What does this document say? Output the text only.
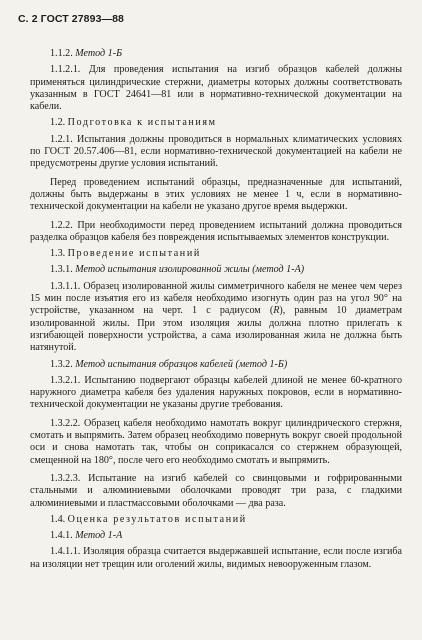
С. 2 ГОСТ 27893—88

1.1.2. Метод 1-Б

1.1.2.1. Для проведения испытания на изгиб образцов кабелей должны применяться цилиндрические стержни, диаметры которых должны соответствовать указанным в ГОСТ 24641—81 или в нормативно-технической документации на кабели.

1.2. Подготовка к испытаниям

1.2.1. Испытания должны проводиться в нормальных климатических условиях по ГОСТ 20.57.406—81, если нормативно-технической документацией на кабели не предусмотрены другие условия испытаний.

Перед проведением испытаний образцы, предназначенные для испытаний, должны быть выдержаны в этих условиях не менее 1 ч, если в нормативно-технической документации на кабели не указано другое время выдержки.

1.2.2. При необходимости перед проведением испытаний должна проводиться разделка образцов кабеля без повреждения испытываемых элементов конструкции.

1.3. Проведение испытаний

1.3.1. Метод испытания изолированной жилы (метод 1-А)

1.3.1.1. Образец изолированной жилы симметричного кабеля не менее чем через 15 мин после изъятия его из кабеля необходимо изогнуть один раз на угол 90° на устройстве, указанном на черт. 1 с радиусом (R), равным 10 диаметрам изолированной жилы. При этом изоляция жилы должна плотно прилегать к изгибающей поверхности устройства, а сама изолированная жила не должна быть натянутой.

1.3.2. Метод испытания образцов кабелей (метод 1-Б)

1.3.2.1. Испытанию подвергают образцы кабелей длиной не менее 60-кратного наружного диаметра кабеля без удаления наружных покровов, если в нормативно-технической документации не указаны другие требования.

1.3.2.2. Образец кабеля необходимо намотать вокруг цилиндрического стержня, смотать и выпрямить. Затем образец необходимо повернуть вокруг своей продольной оси и снова намотать так, чтобы он соприкасался со стержнем образующей, смещенной на 180°, после чего его необходимо смотать и выпрямить.

1.3.2.3. Испытание на изгиб кабелей со свинцовыми и гофрированными стальными и алюминиевыми оболочками проводят три раза, с гладкими алюминиевыми и пластмассовыми оболочками — два раза.

1.4. Оценка результатов испытаний

1.4.1. Метод 1-А

1.4.1.1. Изоляция образца считается выдержавшей испытание, если после изгиба на изоляции нет трещин или оголений жилы, видимых невооруженным глазом.
